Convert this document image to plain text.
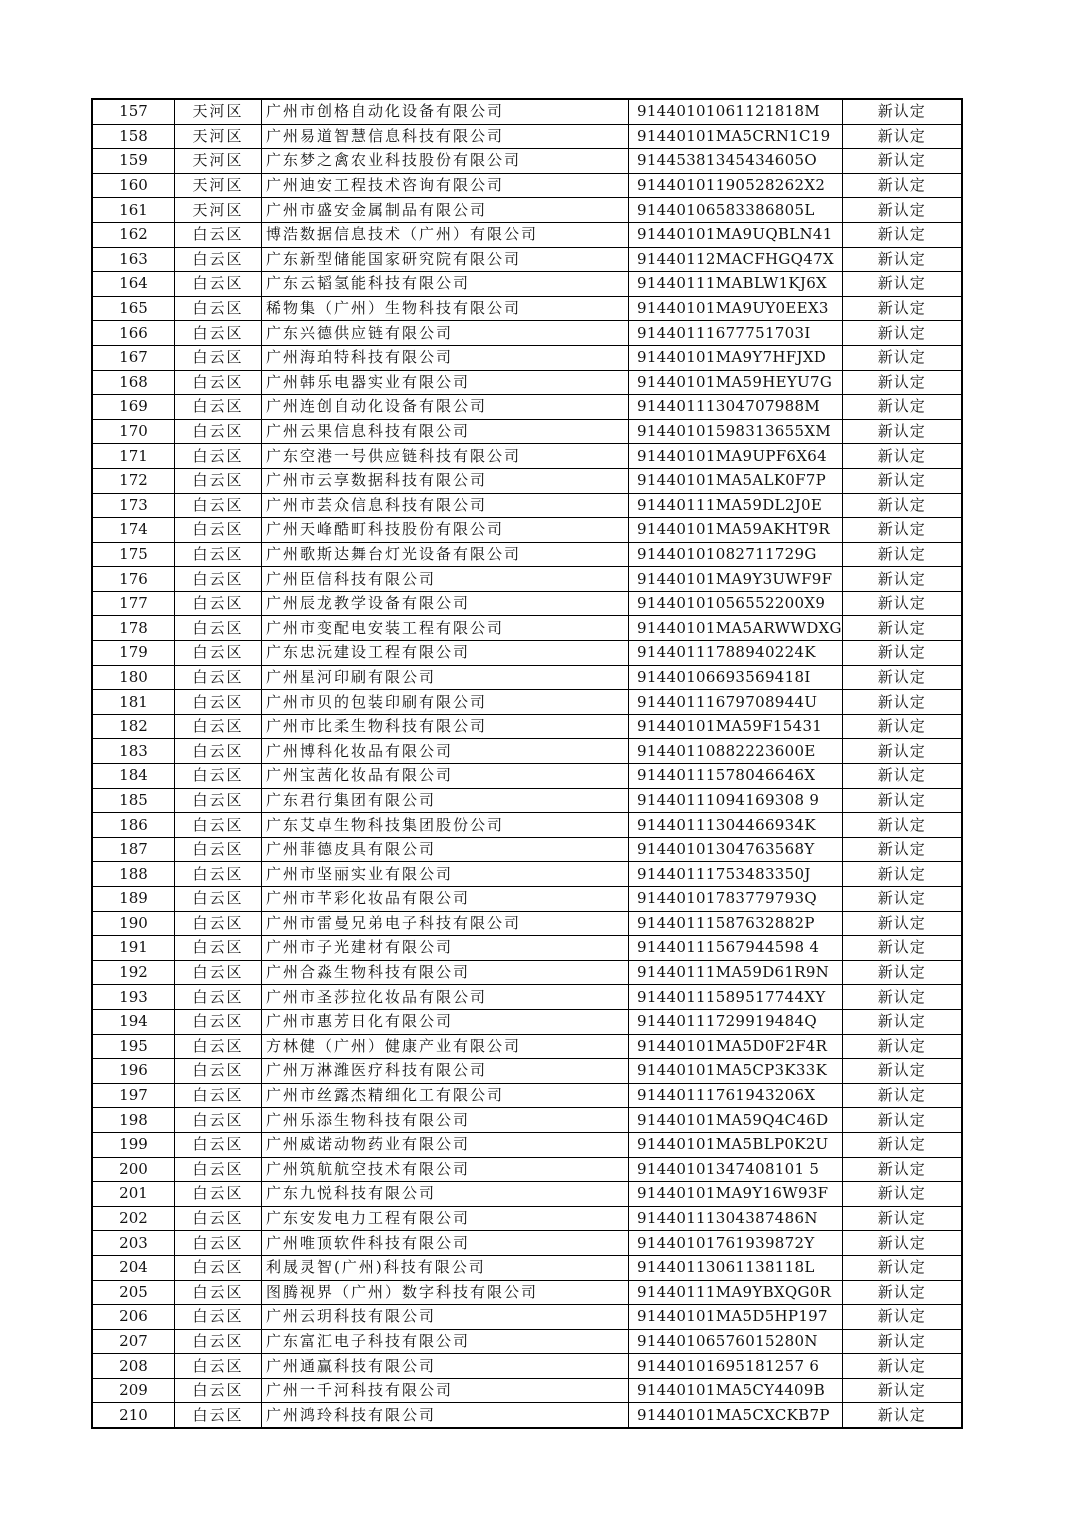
157	天河区	广州市创格自动化设备有限公司	91440101061121818M	新认定
158	天河区	广州易道智慧信息科技有限公司	91440101MA5CRN1C19	新认定
159	天河区	广东梦之禽农业科技股份有限公司	91445381345434605O	新认定
160	天河区	广州迪安工程技术咨询有限公司	91440101190528262X2	新认定
161	天河区	广州市盛安金属制品有限公司	91440106583386805L	新认定
162	白云区	博浩数据信息技术（广州）有限公司	91440101MA9UQBLN41	新认定
163	白云区	广东新型储能国家研究院有限公司	91440112MACFHGQ47X	新认定
164	白云区	广东云韬氢能科技有限公司	91440111MABLW1KJ6X	新认定
165	白云区	稀物集（广州）生物科技有限公司	91440101MA9UY0EEX3	新认定
166	白云区	广东兴德供应链有限公司	91440111677751703I	新认定
167	白云区	广州海珀特科技有限公司	91440101MA9Y7HFJXD	新认定
168	白云区	广州韩乐电器实业有限公司	91440101MA59HEYU7G	新认定
169	白云区	广州连创自动化设备有限公司	91440111304707988M	新认定
170	白云区	广州云果信息科技有限公司	91440101598313655XM	新认定
171	白云区	广东空港一号供应链科技有限公司	91440101MA9UPF6X64	新认定
172	白云区	广州市云享数据科技有限公司	91440101MA5ALK0F7P	新认定
173	白云区	广州市芸众信息科技有限公司	91440111MA59DL2J0E	新认定
174	白云区	广州天峰酷町科技股份有限公司	91440101MA59AKHT9R	新认定
175	白云区	广州歌斯达舞台灯光设备有限公司	91440101082711729G	新认定
176	白云区	广州臣信科技有限公司	91440101MA9Y3UWF9F	新认定
177	白云区	广州辰龙教学设备有限公司	91440101056552200X9	新认定
178	白云区	广州市变配电安装工程有限公司	91440101MA5ARWWDXG	新认定
179	白云区	广东忠沅建设工程有限公司	91440111788940224K	新认定
180	白云区	广州星河印刷有限公司	91440106693569418I	新认定
181	白云区	广州市贝的包装印刷有限公司	91440111679708944U	新认定
182	白云区	广州市比柔生物科技有限公司	91440101MA59F15431	新认定
183	白云区	广州博科化妆品有限公司	91440110882223600E	新认定
184	白云区	广州宝茜化妆品有限公司	91440111578046646X	新认定
185	白云区	广东君行集团有限公司	91440111094169308 9	新认定
186	白云区	广东艾卓生物科技集团股份公司	91440111304466934K	新认定
187	白云区	广州菲德皮具有限公司	91440101304763568Y	新认定
188	白云区	广州市坚丽实业有限公司	91440111753483350J	新认定
189	白云区	广州市芊彩化妆品有限公司	91440101783779793Q	新认定
190	白云区	广州市雷曼兄弟电子科技有限公司	91440111587632882P	新认定
191	白云区	广州市子光建材有限公司	91440111567944598 4	新认定
192	白云区	广州合淼生物科技有限公司	91440111MA59D61R9N	新认定
193	白云区	广州市圣莎拉化妆品有限公司	91440111589517744XY	新认定
194	白云区	广州市惠芳日化有限公司	91440111729919484Q	新认定
195	白云区	方林健（广州）健康产业有限公司	91440101MA5D0F2F4R	新认定
196	白云区	广州万淋潍医疗科技有限公司	91440101MA5CP3K33K	新认定
197	白云区	广州市丝露杰精细化工有限公司	91440111761943206X	新认定
198	白云区	广州乐添生物科技有限公司	91440101MA59Q4C46D	新认定
199	白云区	广州威诺动物药业有限公司	91440101MA5BLP0K2U	新认定
200	白云区	广州筑航航空技术有限公司	91440101347408101 5	新认定
201	白云区	广东九悦科技有限公司	91440101MA9Y16W93F	新认定
202	白云区	广东安发电力工程有限公司	91440111304387486N	新认定
203	白云区	广州唯顶软件科技有限公司	91440101761939872Y	新认定
204	白云区	利晟灵智(广州)科技有限公司	91440113061138118L	新认定
205	白云区	图腾视界（广州）数字科技有限公司	91440111MA9YBXQG0R	新认定
206	白云区	广州云玥科技有限公司	91440101MA5D5HP197	新认定
207	白云区	广东富汇电子科技有限公司	91440106576015280N	新认定
208	白云区	广州通赢科技有限公司	91440101695181257 6	新认定
209	白云区	广州一千河科技有限公司	91440101MA5CY4409B	新认定
210	白云区	广州鸿玲科技有限公司	91440101MA5CXCKB7P	新认定
